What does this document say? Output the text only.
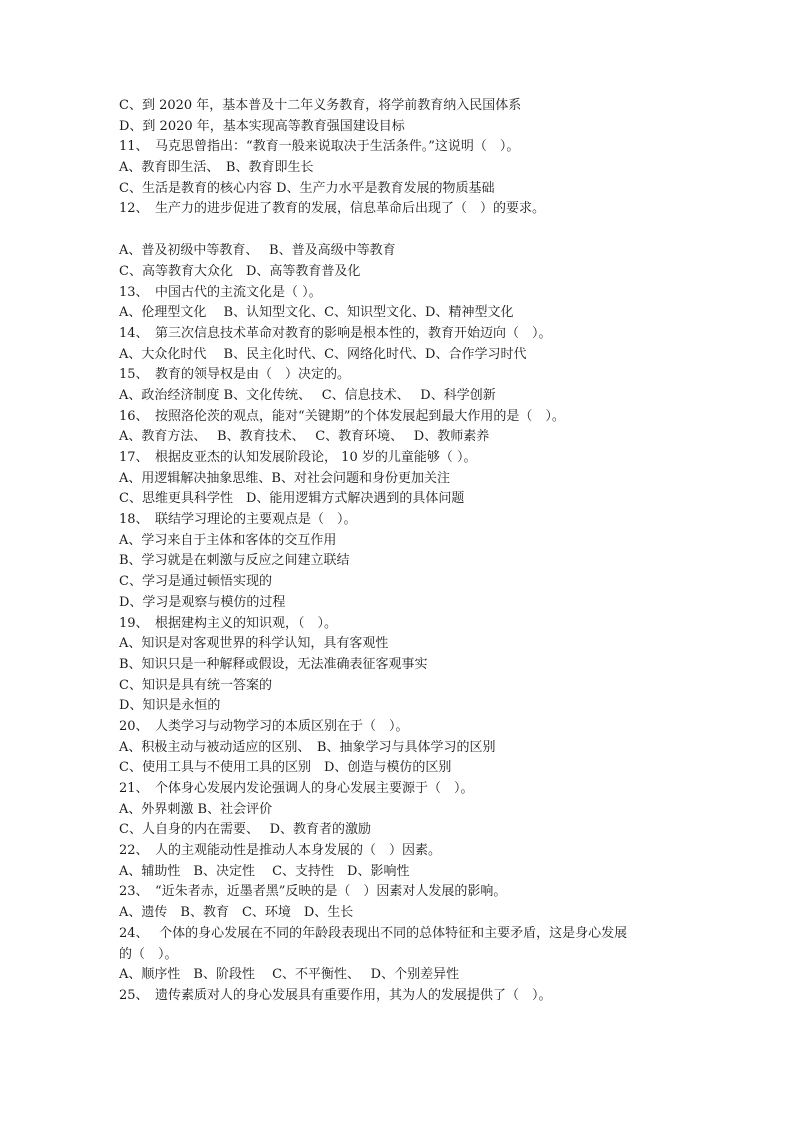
C、到 2020 年，基本普及十二年义务教育，将学前教育纳入民国体系
D、到 2020 年，基本实现高等教育强国建设目标
11、　马克思曾指出：“教育一般来说取决于生活条件。”这说明（　）。
A、教育即生活、　B、教育即生长
C、生活是教育的核心内容 D、生产力水平是教育发展的物质基础
12、　生产力的进步促进了教育的发展，信息革命后出现了（　）的要求。
A、普及初级中等教育、　 B、普及高级中等教育
C、高等教育大众化　D、高等教育普及化
13、　中国古代的主流文化是（ ）。
A、伦理型文化　 B、认知型文化、C、知识型文化、D、精神型文化
14、　第三次信息技术革命对教育的影响是根本性的，教育开始迈向（　）。
A、大众化时代　 B、民主化时代、C、网络化时代、D、合作学习时代
15、　教育的领导权是由（　）决定的。
A、政治经济制度 B、文化传统、　 C、信息技术、　 D、科学创新
16、　按照洛伦茨的观点，能对“关键期”的个体发展起到最大作用的是（　）。
A、教育方法、　 B、教育技术、　 C、教育环境、　 D、教师素养
17、　根据皮亚杰的认知发展阶段论， 10 岁的儿童能够（ ）。
A、用逻辑解决抽象思维、B、对社会问题和身份更加关注
C、思维更具科学性　D、能用逻辑方式解决遇到的具体问题
18、　联结学习理论的主要观点是（　）。
A、学习来自于主体和客体的交互作用
B、学习就是在刺激与反应之间建立联结
C、学习是通过顿悟实现的
D、学习是观察与模仿的过程
19、　根据建构主义的知识观，（　）。
A、知识是对客观世界的科学认知，具有客观性
B、知识只是一种解释或假设，无法准确表征客观事实
C、知识是具有统一答案的
D、知识是永恒的
20、　人类学习与动物学习的本质区别在于（　）。
A、积极主动与被动适应的区别、　B、抽象学习与具体学习的区别
C、使用工具与不使用工具的区别　D、创造与模仿的区别
21、　个体身心发展内发论强调人的身心发展主要源于（　）。
A、外界刺激 B、社会评价
C、人自身的内在需要、　 D、教育者的激励
22、　人的主观能动性是推动人本身发展的（　）因素。
A、辅助性　B、决定性　 C、支持性　D、影响性
23、　“近朱者赤，近墨者黑”反映的是（　）因素对人发展的影响。
A、遗传　B、教育　C、环境　D、生长
24、　 个体的身心发展在不同的年龄段表现出不同的总体特征和主要矛盾，这是身心发展
的（　）。
A、顺序性　B、阶段性　 C、不平衡性、　 D、个别差异性
25、　遗传素质对人的身心发展具有重要作用，其为人的发展提供了（　）。
